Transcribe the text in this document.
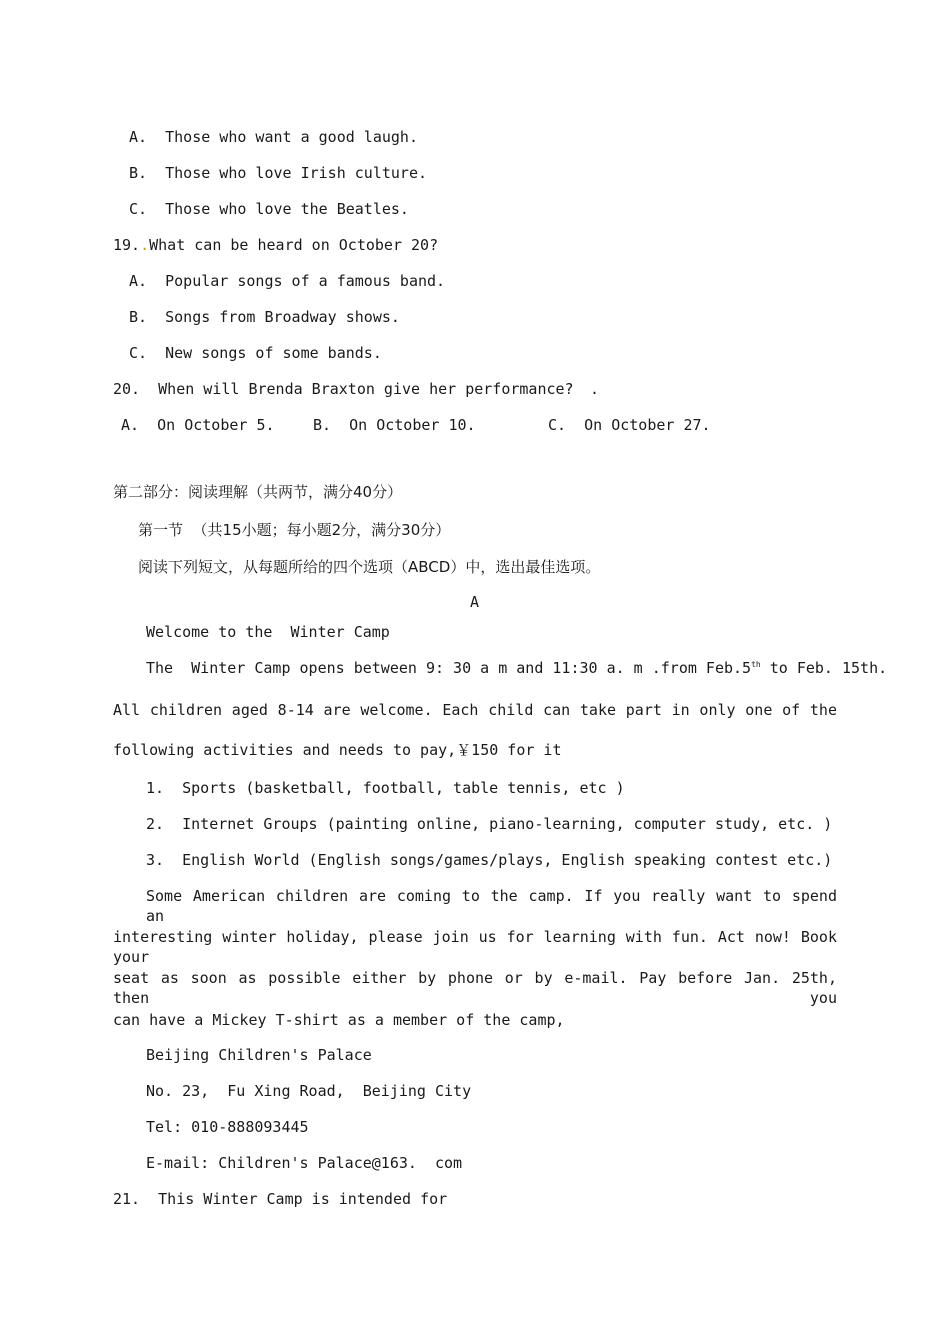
A.  Those who want a good laugh.
B.  Those who love Irish culture.
C.  Those who love the Beatles.
19..What can be heard on October 20?
A.  Popular songs of a famous band.
B.  Songs from Broadway shows.
C.  New songs of some bands.
20.  When will Brenda Braxton give her performance? .
A.  On October 5.	B.  On October 10.	C.  On October 27.
第二部分：阅读理解（共两节，满分40分）
第一节  （共15小题；每小题2分，满分30分）
阅读下列短文，从每题所给的四个选项（ABCD）中，选出最佳选项。
A
Welcome to the  Winter Camp
The  Winter Camp opens between 9: 30 a m and 11:30 a. m .from Feb.5th to Feb. 15th.
All children aged 8-14 are welcome. Each child can take part in only one of the
following activities and needs to pay,￥150 for it
1.  Sports (basketball, football, table tennis, etc )
2.  Internet Groups (painting online, piano-learning, computer study, etc. )
3.  English World (English songs/games/plays, English speaking contest etc.)
Some American children are coming to the camp. If you really want to spend an
interesting winter holiday, please join us for learning with fun. Act now! Book your
seat as soon as possible either by phone or by e-mail. Pay before Jan. 25th, then you
can have a Mickey T-shirt as a member of the camp,
Beijing Children's Palace
No. 23,  Fu Xing Road,  Beijing City
Tel: 010-888093445
E-mail: Children's Palace@163.  com
21.  This Winter Camp is intended for
